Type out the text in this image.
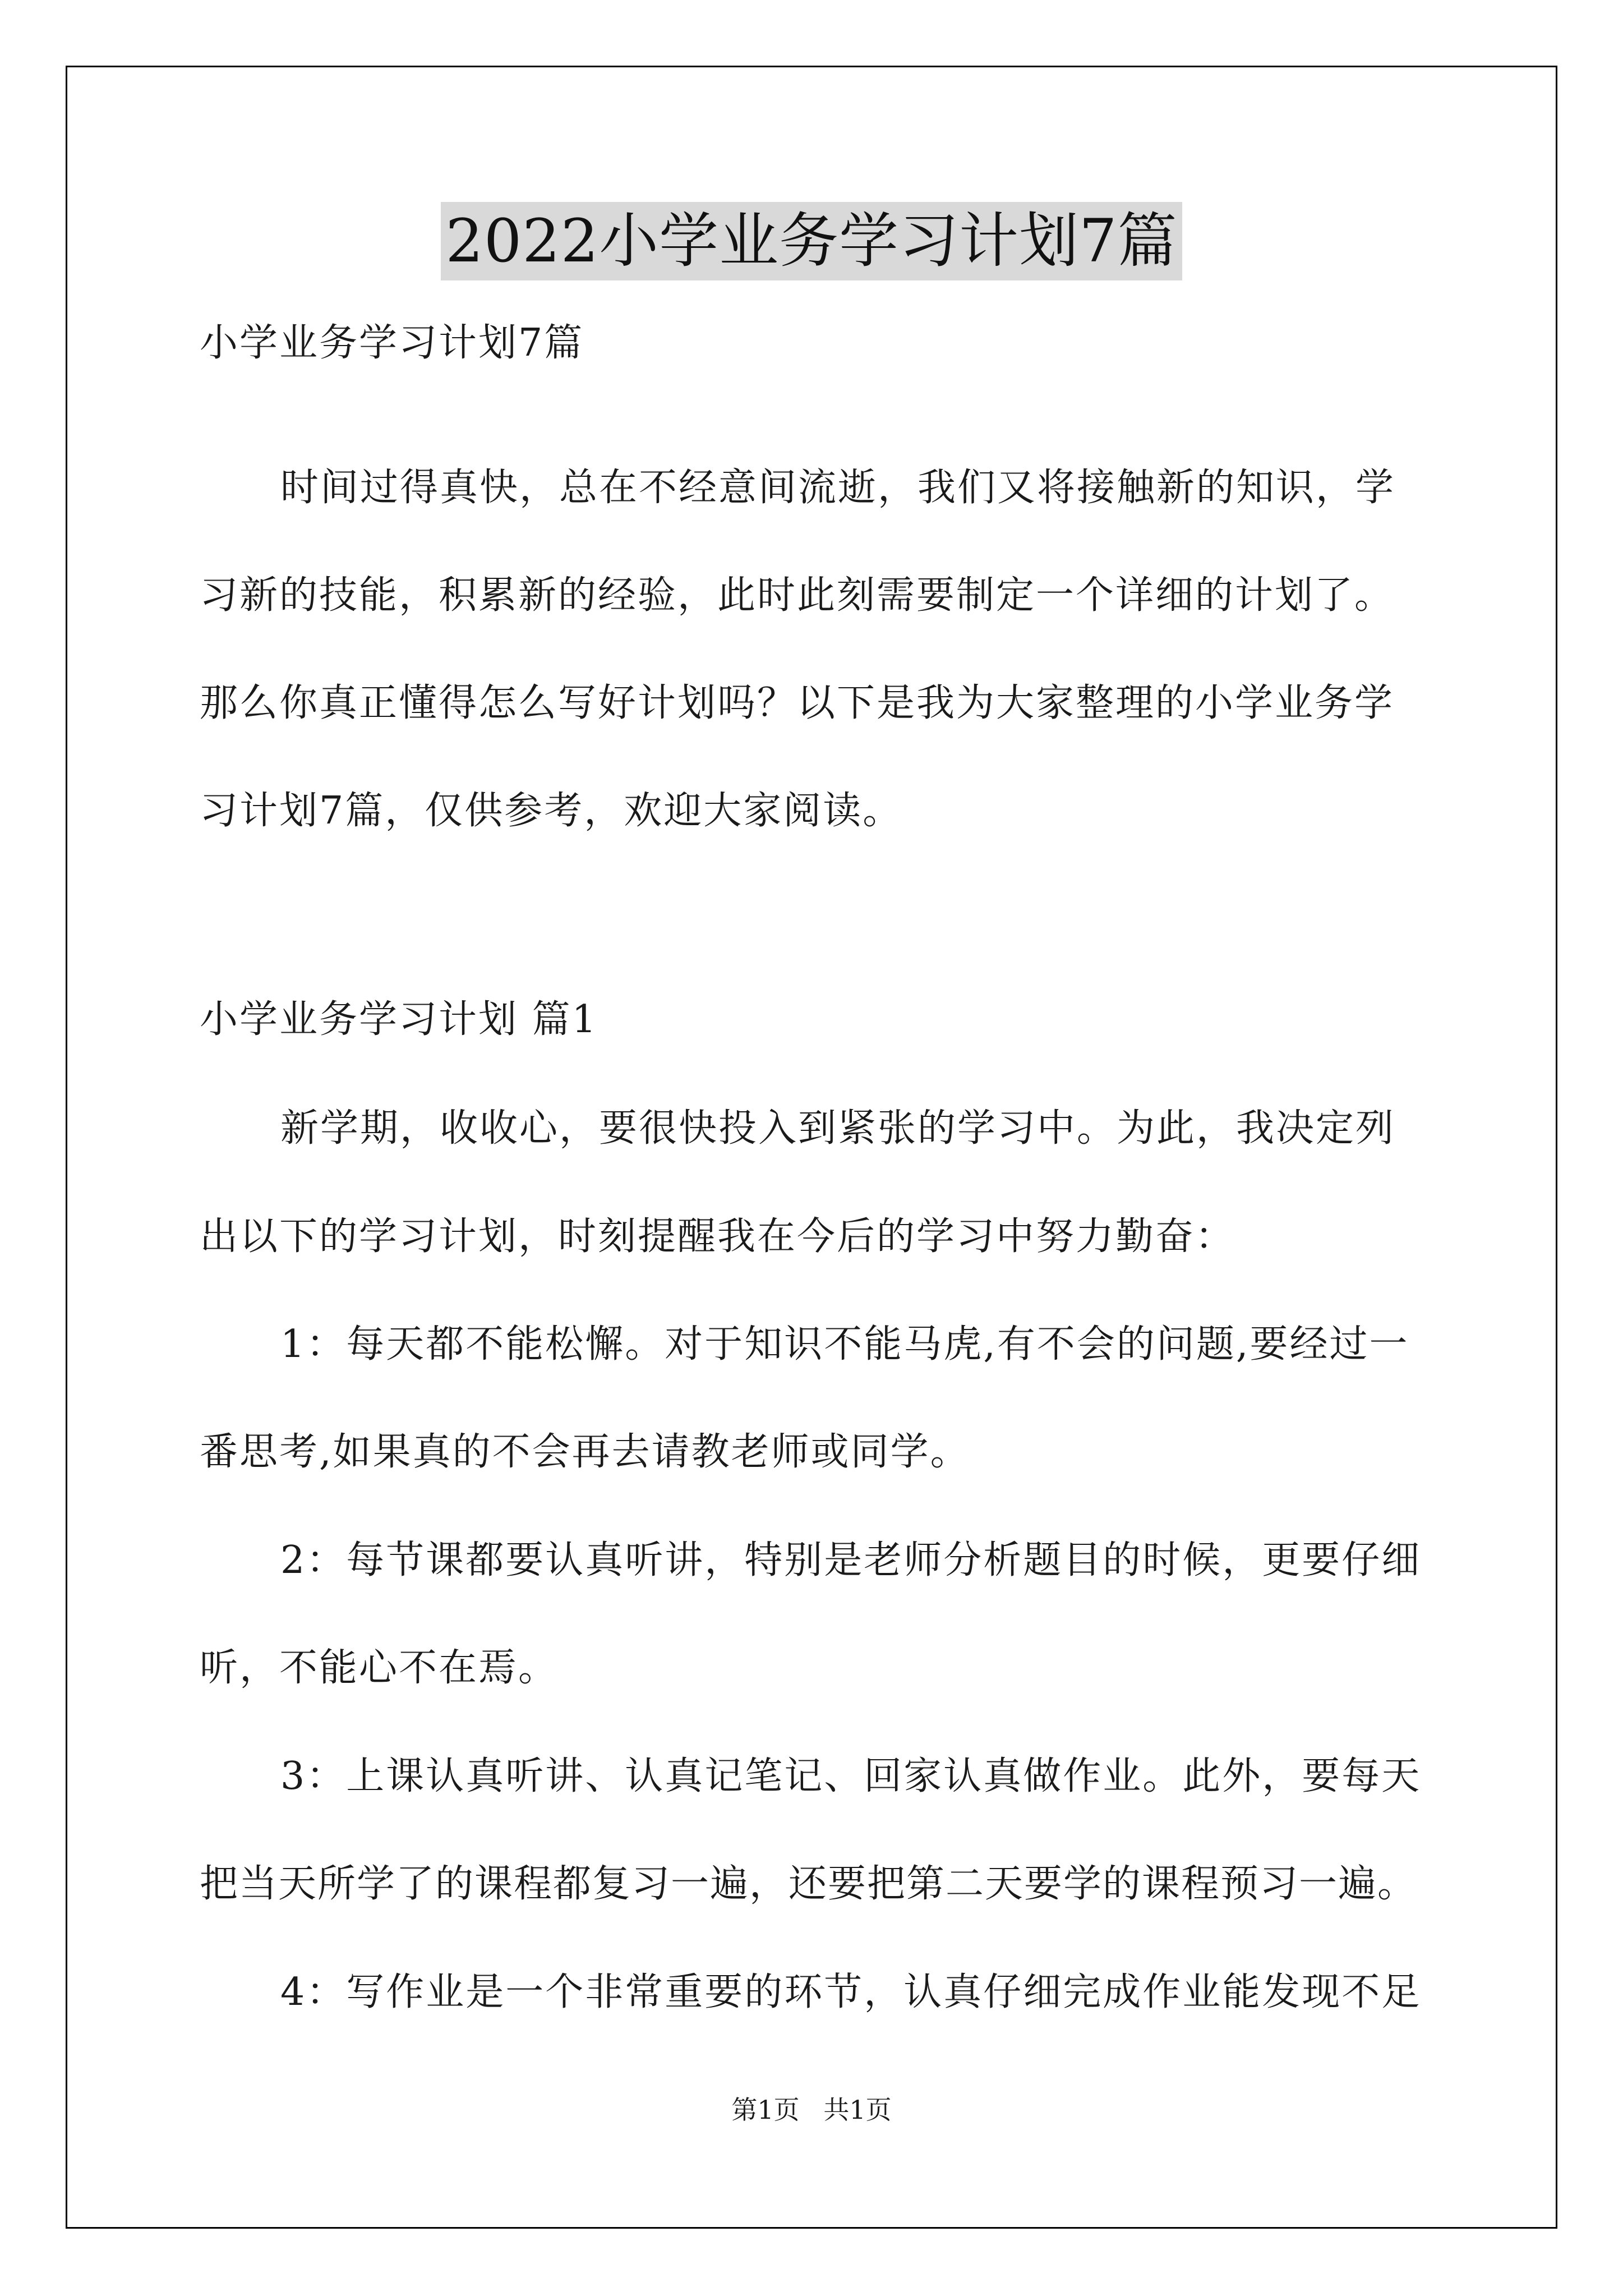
2022小学业务学习计划7篇
小学业务学习计划7篇
时间过得真快，总在不经意间流逝，我们又将接触新的知识，学
习新的技能，积累新的经验，此时此刻需要制定一个详细的计划了。
那么你真正懂得怎么写好计划吗？以下是我为大家整理的小学业务学
习计划7篇，仅供参考，欢迎大家阅读。
小学业务学习计划 篇1
新学期，收收心，要很快投入到紧张的学习中。为此，我决定列
出以下的学习计划，时刻提醒我在今后的学习中努力勤奋：
1：每天都不能松懈。对于知识不能马虎,有不会的问题,要经过一
番思考,如果真的不会再去请教老师或同学。
2：每节课都要认真听讲，特别是老师分析题目的时候，更要仔细
听，不能心不在焉。
3：上课认真听讲、认真记笔记、回家认真做作业。此外，要每天
把当天所学了的课程都复习一遍，还要把第二天要学的课程预习一遍。
4：写作业是一个非常重要的环节，认真仔细完成作业能发现不足
第1页 共1页
